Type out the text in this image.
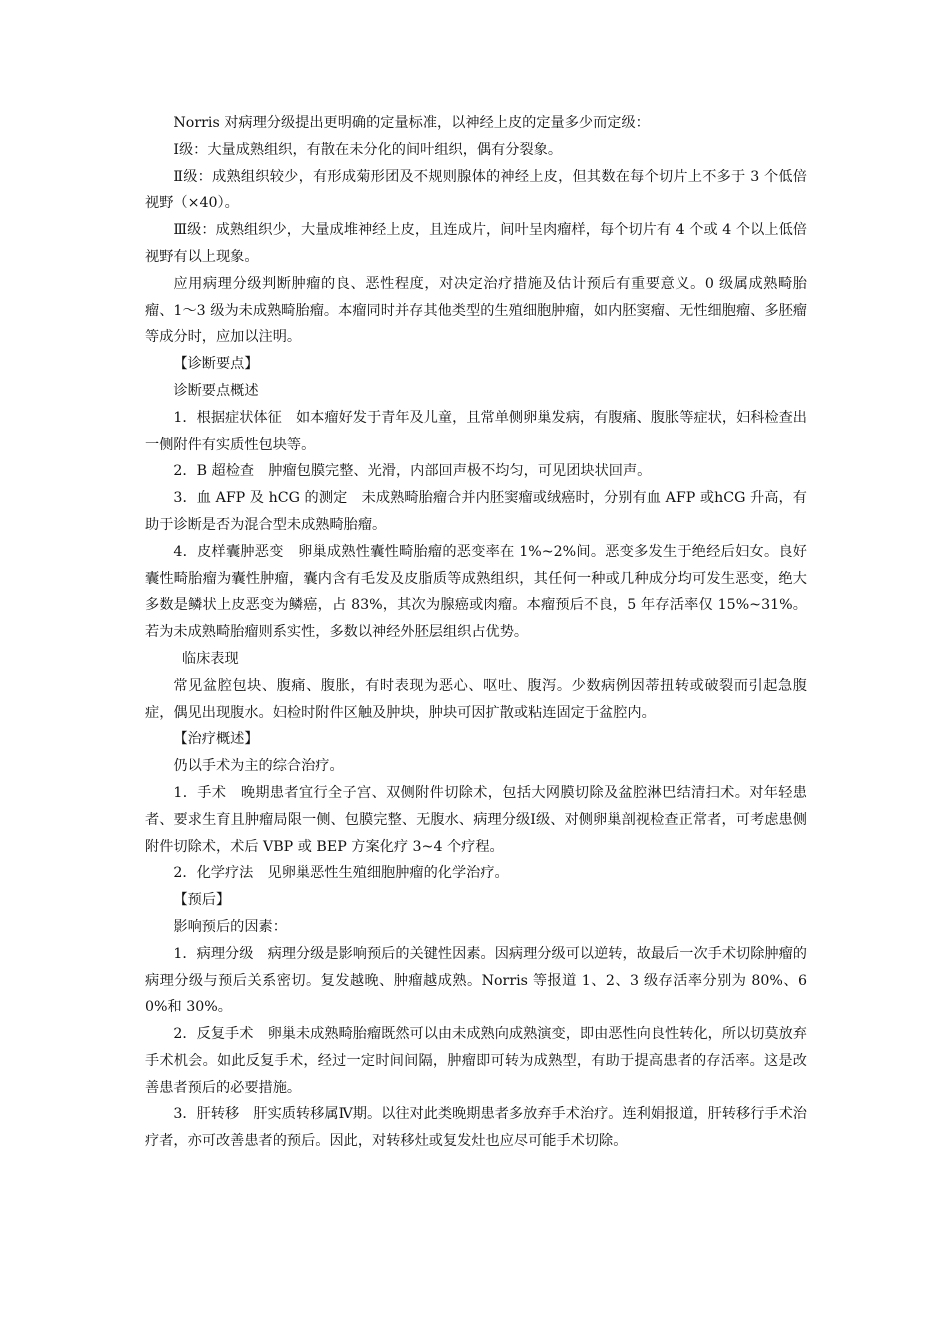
Norris 对病理分级提出更明确的定量标准，以神经上皮的定量多少而定级：

Ⅰ级：大量成熟组织，有散在未分化的间叶组织，偶有分裂象。

Ⅱ级：成熟组织较少，有形成菊形团及不规则腺体的神经上皮，但其数在每个切片上不多于 3 个低倍视野（×40）。

Ⅲ级：成熟组织少，大量成堆神经上皮，且连成片，间叶呈肉瘤样，每个切片有 4 个或 4 个以上低倍视野有以上现象。

应用病理分级判断肿瘤的良、恶性程度，对决定治疗措施及估计预后有重要意义。0 级属成熟畸胎瘤、1～3 级为未成熟畸胎瘤。本瘤同时并存其他类型的生殖细胞肿瘤，如内胚窦瘤、无性细胞瘤、多胚瘤等成分时，应加以注明。

【诊断要点】

诊断要点概述

1．根据症状体征　如本瘤好发于青年及儿童，且常单侧卵巢发病，有腹痛、腹胀等症状，妇科检查出一侧附件有实质性包块等。

2．B 超检查　肿瘤包膜完整、光滑，内部回声极不均匀，可见团块状回声。

3．血 AFP 及 hCG 的测定　未成熟畸胎瘤合并内胚窦瘤或绒癌时，分别有血 AFP 或hCG 升高，有助于诊断是否为混合型未成熟畸胎瘤。

4．皮样囊肿恶变　卵巢成熟性囊性畸胎瘤的恶变率在 1%~2%间。恶变多发生于绝经后妇女。良好囊性畸胎瘤为囊性肿瘤，囊内含有毛发及皮脂质等成熟组织，其任何一种或几种成分均可发生恶变，绝大多数是鳞状上皮恶变为鳞癌，占 83%，其次为腺癌或肉瘤。本瘤预后不良，5 年存活率仅 15%~31%。若为未成熟畸胎瘤则系实性，多数以神经外胚层组织占优势。

临床表现

常见盆腔包块、腹痛、腹胀，有时表现为恶心、呕吐、腹泻。少数病例因蒂扭转或破裂而引起急腹症，偶见出现腹水。妇检时附件区触及肿块，肿块可因扩散或粘连固定于盆腔内。

【治疗概述】

仍以手术为主的综合治疗。

1．手术　晚期患者宜行全子宫、双侧附件切除术，包括大网膜切除及盆腔淋巴结清扫术。对年轻患者、要求生育且肿瘤局限一侧、包膜完整、无腹水、病理分级Ⅰ级、对侧卵巢剖视检查正常者，可考虑患侧附件切除术，术后 VBP 或 BEP 方案化疗 3~4 个疗程。

2．化学疗法　见卵巢恶性生殖细胞肿瘤的化学治疗。

【预后】

影响预后的因素：

1．病理分级　病理分级是影响预后的关键性因素。因病理分级可以逆转，故最后一次手术切除肿瘤的病理分级与预后关系密切。复发越晚、肿瘤越成熟。Norris 等报道 1、2、3 级存活率分别为 80%、60%和 30%。

2．反复手术　卵巢未成熟畸胎瘤既然可以由未成熟向成熟演变，即由恶性向良性转化，所以切莫放弃手术机会。如此反复手术，经过一定时间间隔，肿瘤即可转为成熟型，有助于提高患者的存活率。这是改善患者预后的必要措施。

3．肝转移　肝实质转移属Ⅳ期。以往对此类晚期患者多放弃手术治疗。连利娟报道，肝转移行手术治疗者，亦可改善患者的预后。因此，对转移灶或复发灶也应尽可能手术切除。
